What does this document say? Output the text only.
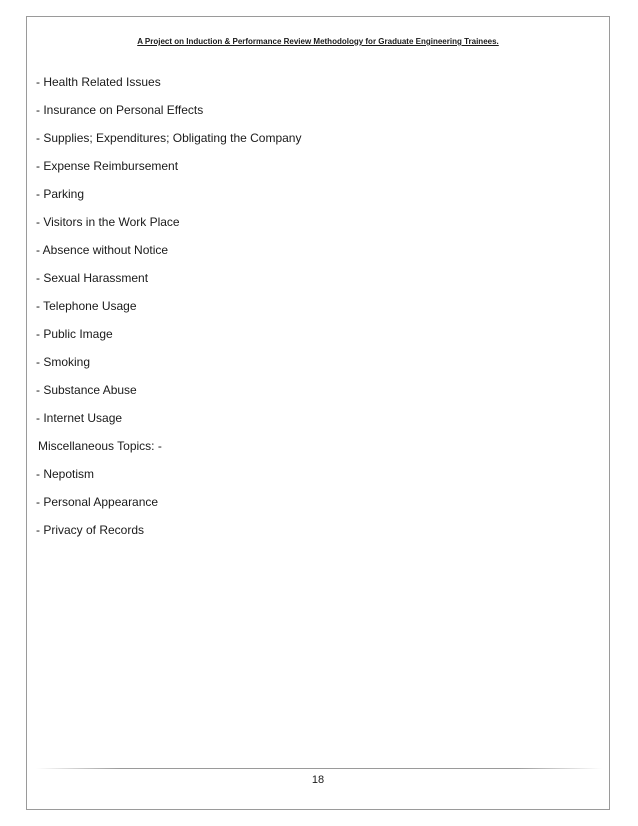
A Project on Induction & Performance Review Methodology for Graduate Engineering Trainees.
- Health Related Issues
- Insurance on Personal Effects
- Supplies; Expenditures; Obligating the Company
- Expense Reimbursement
- Parking
- Visitors in the Work Place
- Absence without Notice
- Sexual Harassment
- Telephone Usage
- Public Image
- Smoking
- Substance Abuse
- Internet Usage
Miscellaneous Topics: -
- Nepotism
- Personal Appearance
- Privacy of Records
18
